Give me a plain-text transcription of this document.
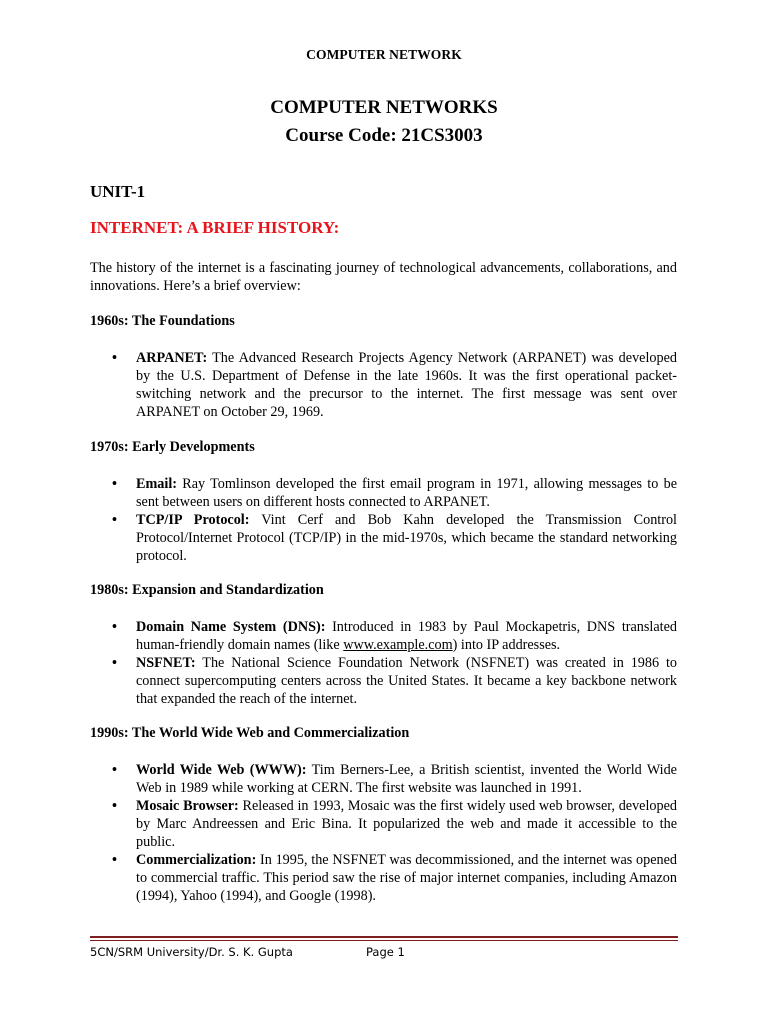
COMPUTER NETWORK
COMPUTER NETWORKS
Course Code: 21CS3003
UNIT-1
INTERNET: A BRIEF HISTORY:
The history of the internet is a fascinating journey of technological advancements, collaborations, and innovations. Here’s a brief overview:
1960s: The Foundations
• ARPANET: The Advanced Research Projects Agency Network (ARPANET) was developed by the U.S. Department of Defense in the late 1960s. It was the first operational packet-switching network and the precursor to the internet. The first message was sent over ARPANET on October 29, 1969.
1970s: Early Developments
• Email: Ray Tomlinson developed the first email program in 1971, allowing messages to be sent between users on different hosts connected to ARPANET.
• TCP/IP Protocol: Vint Cerf and Bob Kahn developed the Transmission Control Protocol/Internet Protocol (TCP/IP) in the mid-1970s, which became the standard networking protocol.
1980s: Expansion and Standardization
• Domain Name System (DNS): Introduced in 1983 by Paul Mockapetris, DNS translated human-friendly domain names (like www.example.com) into IP addresses.
• NSFNET: The National Science Foundation Network (NSFNET) was created in 1986 to connect supercomputing centers across the United States. It became a key backbone network that expanded the reach of the internet.
1990s: The World Wide Web and Commercialization
• World Wide Web (WWW): Tim Berners-Lee, a British scientist, invented the World Wide Web in 1989 while working at CERN. The first website was launched in 1991.
• Mosaic Browser: Released in 1993, Mosaic was the first widely used web browser, developed by Marc Andreessen and Eric Bina. It popularized the web and made it accessible to the public.
• Commercialization: In 1995, the NSFNET was decommissioned, and the internet was opened to commercial traffic. This period saw the rise of major internet companies, including Amazon (1994), Yahoo (1994), and Google (1998).
5CN/SRM University/Dr. S. K. Gupta	Page 1
